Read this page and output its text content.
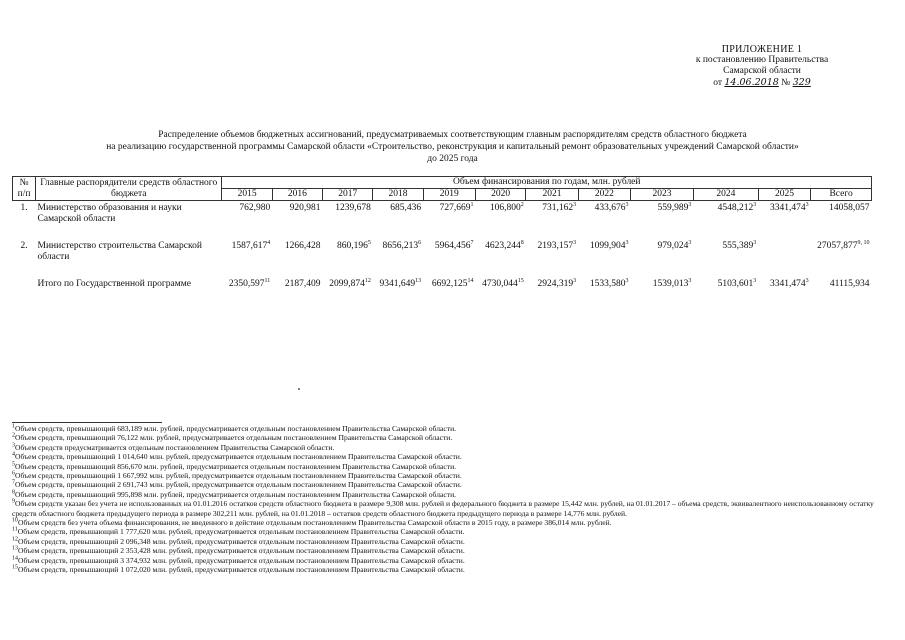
ПРИЛОЖЕНИЕ 1
к постановлению Правительства
Самарской области
от 14.06.2018 № 329
Распределение объемов бюджетных ассигнований, предусматриваемых соответствующим главным распорядителям средств областного бюджета
на реализацию государственной программы Самарской области «Строительство, реконструкция и капитальный ремонт образовательных учреждений Самарской области»
до 2025 года
№ п/п	Главные распорядители средств областного бюджета	Объем финансирования по годам, млн. рублей											
		2015	2016	2017	2018	2019	2020	2021	2022	2023	2024	2025	Всего
1.	Министерство образования и науки Самарской области	762,980	920,981	1239,678	685,436	727,669$^1$	106,800$^2$	731,162$^3$	433,676$^3$	559,989$^3$	4548,212$^3$	3341,474$^3$	14058,057
2.	Министерство строительства Самарской области	1587,617$^4$	1266,428	860,196$^5$	8656,213$^6$	5964,456$^7$	4623,244$^8$	2193,157$^3$	1099,904$^3$	979,024$^3$	555,389$^3$		27057,877$^{9, 10}$
	Итого по Государственной программе	2350,597$^{11}$	2187,409	2099,874$^{12}$	9341,649$^{13}$	6692,125$^{14}$	4730,044$^{15}$	2924,319$^3$	1533,580$^3$	1539,013$^3$	5103,601$^3$	3341,474$^3$	41115,934
$^1$Объем средств, превышающий 683,189 млн. рублей, предусматривается отдельным постановлением Правительства Самарской области.
$^2$Объем средств, превышающий 76,122 млн. рублей, предусматривается отдельным постановлением Правительства Самарской области.
$^3$Объем средств предусматривается отдельным постановлением Правительства Самарской области.
$^4$Объем средств, превышающий 1 014,640 млн. рублей, предусматривается отдельным постановлением Правительства Самарской области.
$^5$Объем средств, превышающий 856,670 млн. рублей, предусматривается отдельным постановлением Правительства Самарской области.
$^6$Объем средств, превышающий 1 667,992 млн. рублей, предусматривается отдельным постановлением Правительства Самарской области.
$^7$Объем средств, превышающий 2 691,743 млн. рублей, предусматривается отдельным постановлением Правительства Самарской области.
$^8$Объем средств, превышающий 995,898 млн. рублей, предусматривается отдельным постановлением Правительства Самарской области.
$^9$Объем средств указан без учета не использованных на 01.01.2016 остатков средств областного бюджета в размере 9,308 млн. рублей и федерального бюджета в размере 15,442 млн. рублей, на 01.01.2017 – объема средств, эквивалентного неиспользованному остатку средств областного бюджета предыдущего периода в размере 302,211 млн. рублей, на 01.01.2018 – остатков средств областного бюджета предыдущего периода в размере 14,776 млн. рублей.
$^{10}$Объем средств без учета объема финансирования, не введенного в действие отдельным постановлением Правительства Самарской области в 2015 году, в размере 386,014 млн. рублей.
$^{11}$Объем средств, превышающий 1 777,620 млн. рублей, предусматривается отдельным постановлением Правительства Самарской области.
$^{12}$Объем средств, превышающий 2 096,348 млн. рублей, предусматривается отдельным постановлением Правительства Самарской области.
$^{13}$Объем средств, превышающий 2 353,428 млн. рублей, предусматривается отдельным постановлением Правительства Самарской области.
$^{14}$Объем средств, превышающий 3 374,932 млн. рублей, предусматривается отдельным постановлением Правительства Самарской области.
$^{15}$Объем средств, превышающий 1 072,020 млн. рублей, предусматривается отдельным постановлением Правительства Самарской области.
